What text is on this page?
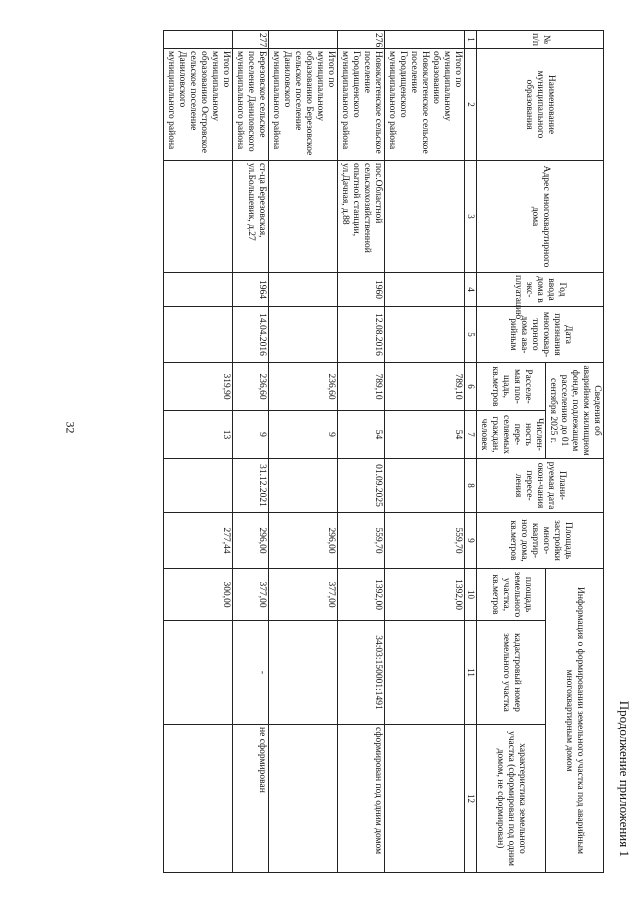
32
Продолжение приложения 1
№ п/п	Наименование муниципального образования	Адрес многоквартирного дома	Год ввода дома в экс-плуатацию	Дата признания многоквар-тирного дома ава-рийным	Сведения об аварийном жилищном фонде, подлежащем расселению до 01 сентября 2025 г.		Плани-руемая дата окон-чания пересе-ления	Площадь застройки много-квартир-ного дома, кв.метров	Информация о формировании земельного участка под аварийным многоквартирным домом		
					Расселе-мая пло-щадь, кв.метров	Числен-ность пере-селяемых граждан, человек			площадь земельного участка, кв.метров	кадастровый номер земельного участка	характеристика земельного участка (сформирован под одним домом, не сформирован)
1	2	3	4	5	6	7	8	9	10	11	12
	Итого по муниципальному образованию Новоклетенское сельское поселение Городищенского муниципального района				789,10	54		559,70	1392,00		
276.	Новоклетенское сельское поселение Городищенского муниципального района	пос.Областной сельскохозяйственной опытной станции, ул.Дачная, д.88	1960	12.08.2016	789,10	54	01.09.2025	559,70	1392,00	34:03:150001:1491	сформирован под одним домом
	Итого по муниципальному образованию Березовское сельское поселение Даниловского муниципального района				236,60	9		296,00	377,00		
277.	Березовское сельское поселение Даниловского муниципального района	ст-ца Березовская, ул.Большевик, д.27	1964	14.04.2016	236,60	9	31.12.2021	296,00	377,00	-	не сформирован
	Итого по муниципальному образованию Островское сельское поселение Даниловского муниципального района				319,90	13		277,44	300,00		
